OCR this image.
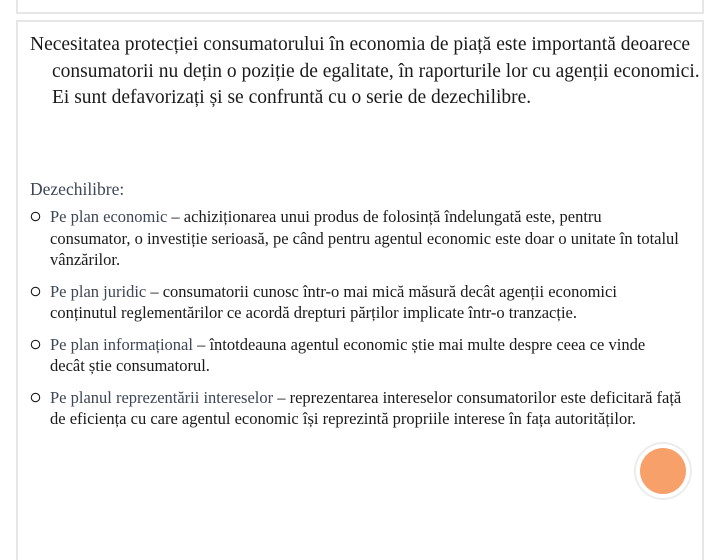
Necesitatea protecției consumatorului în economia de piață este importantă deoarece consumatorii nu dețin o poziție de egalitate, în raporturile lor cu agenții economici. Ei sunt defavorizați și se confruntă cu o serie de dezechilibre.
Dezechilibre:
Pe plan economic – achiziționarea unui produs de folosință îndelungată este, pentru consumator, o investiție serioasă, pe când pentru agentul economic este doar o unitate în totalul vânzărilor.
Pe plan juridic – consumatorii cunosc într-o mai mică măsură decât agenții economici conținutul reglementărilor ce acordă drepturi părților implicate într-o tranzacție.
Pe plan informațional – întotdeauna agentul economic știe mai multe despre ceea ce vinde decât știe consumatorul.
Pe planul reprezentării intereselor – reprezentarea intereselor consumatorilor este deficitară față de eficiența cu care agentul economic își reprezintă propriile interese în fața autorităților.
